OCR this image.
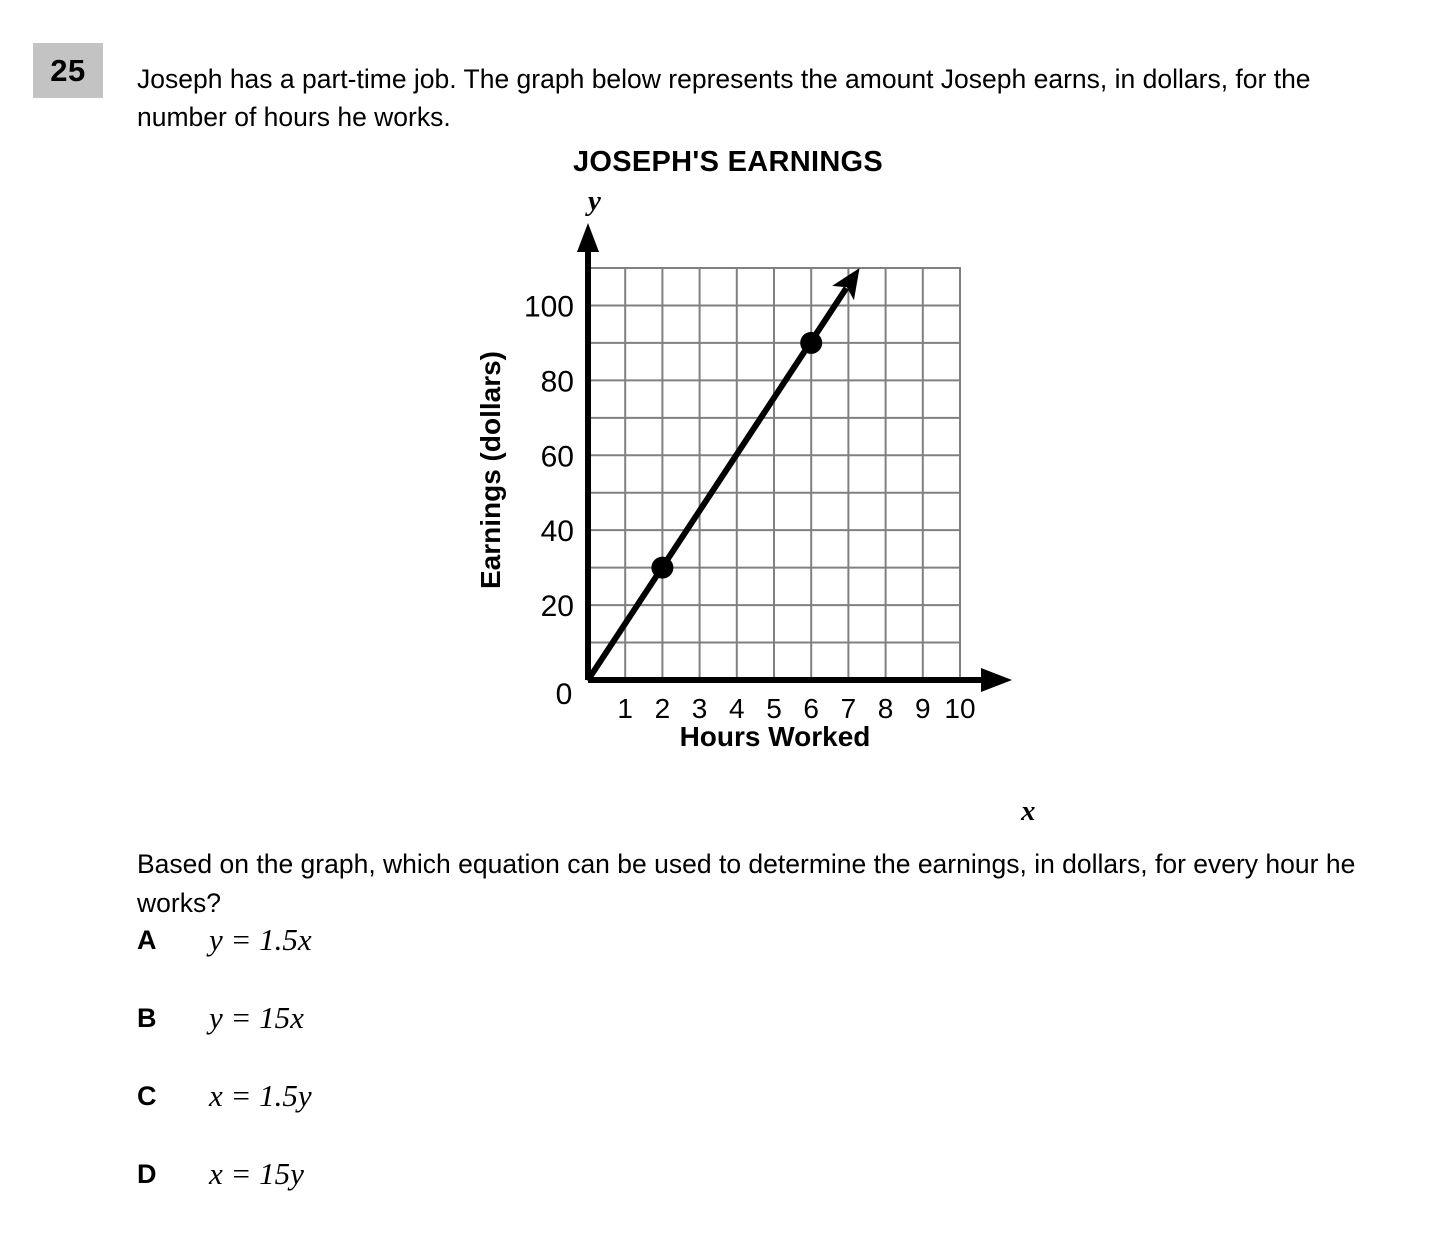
25 Joseph has a part-time job. The graph below represents the amount Joseph earns, in dollars, for the number of hours he works.

JOSEPH'S EARNINGS
0 1 2 3 4 5 6 7 8 9 10
20
40
60
80
100
x
y
Hours Worked
Earnings (dollars)

Based on the graph, which equation can be used to determine the earnings, in dollars, for every hour he works?

A y = 1.5x
B y = 15x
C x = 1.5y
D x = 15y
